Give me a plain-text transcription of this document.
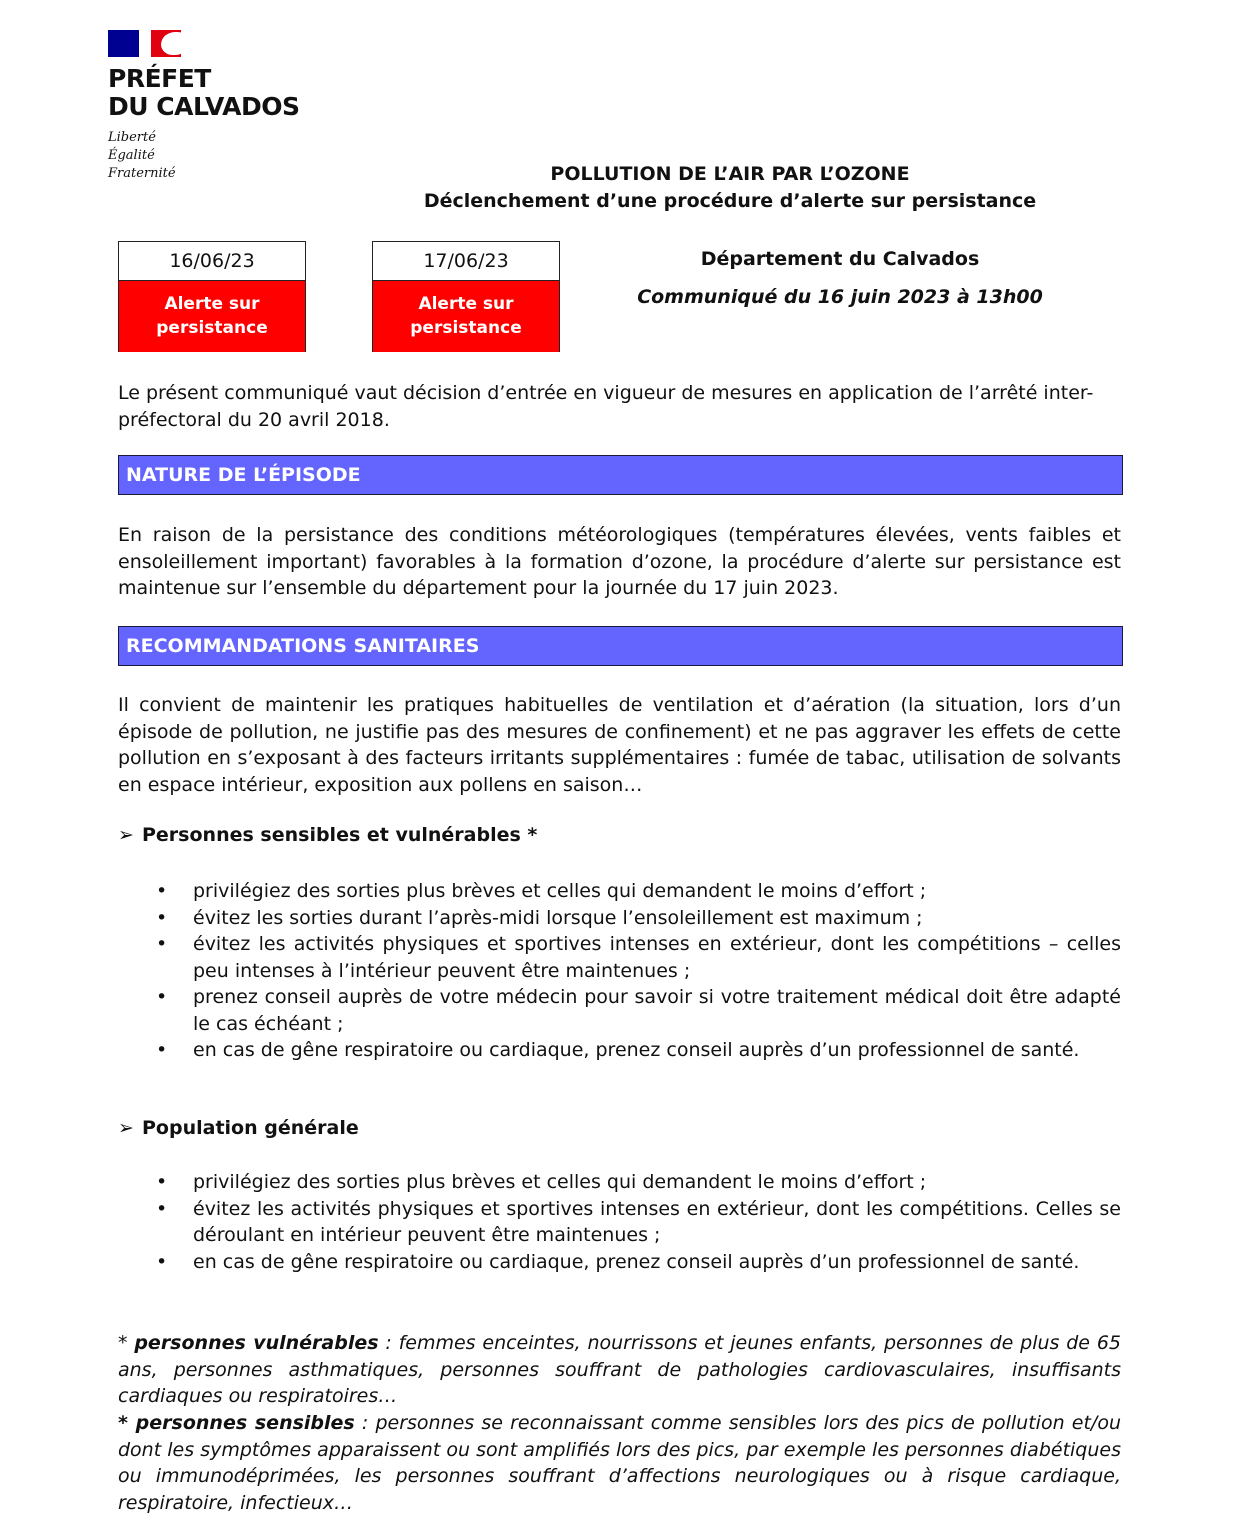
PRÉFET
DU CALVADOS
Liberté
Égalité
Fraternité	POLLUTION DE L’AIR PAR L’OZONE
Déclenchement d’une procédure d’alerte sur persistance
16/06/23
Alerte sur
persistance
17/06/23
Alerte sur
persistance
Département du Calvados
Communiqué du 16 juin 2023 à 13h00
Le présent communiqué vaut décision d’entrée en vigueur de mesures en application de l’arrêté inter-préfectoral du 20 avril 2018.
NATURE DE L’ÉPISODE
En raison de la persistance des conditions météorologiques (températures élevées, vents faibles et ensoleillement important) favorables à la formation d’ozone, la procédure d’alerte sur persistance est maintenue sur l’ensemble du département pour la journée du 17 juin 2023.
RECOMMANDATIONS SANITAIRES
Il convient de maintenir les pratiques habituelles de ventilation et d’aération (la situation, lors d’un épisode de pollution, ne justifie pas des mesures de confinement) et ne pas aggraver les effets de cette pollution en s’exposant à des facteurs irritants supplémentaires : fumée de tabac, utilisation de solvants en espace intérieur, exposition aux pollens en saison…
➢ Personnes sensibles et vulnérables *
• privilégiez des sorties plus brèves et celles qui demandent le moins d’effort ;
• évitez les sorties durant l’après-midi lorsque l’ensoleillement est maximum ;
• évitez les activités physiques et sportives intenses en extérieur, dont les compétitions – celles peu intenses à l’intérieur peuvent être maintenues ;
• prenez conseil auprès de votre médecin pour savoir si votre traitement médical doit être adapté le cas échéant ;
• en cas de gêne respiratoire ou cardiaque, prenez conseil auprès d’un professionnel de santé.
➢ Population générale
• privilégiez des sorties plus brèves et celles qui demandent le moins d’effort ;
• évitez les activités physiques et sportives intenses en extérieur, dont les compétitions. Celles se déroulant en intérieur peuvent être maintenues ;
• en cas de gêne respiratoire ou cardiaque, prenez conseil auprès d’un professionnel de santé.
* personnes vulnérables : femmes enceintes, nourrissons et jeunes enfants, personnes de plus de 65 ans, personnes asthmatiques, personnes souffrant de pathologies cardiovasculaires, insuffisants cardiaques ou respiratoires…
* personnes sensibles : personnes se reconnaissant comme sensibles lors des pics de pollution et/ou dont les symptômes apparaissent ou sont amplifiés lors des pics, par exemple les personnes diabétiques ou immunodéprimées, les personnes souffrant d’affections neurologiques ou à risque cardiaque, respiratoire, infectieux…
